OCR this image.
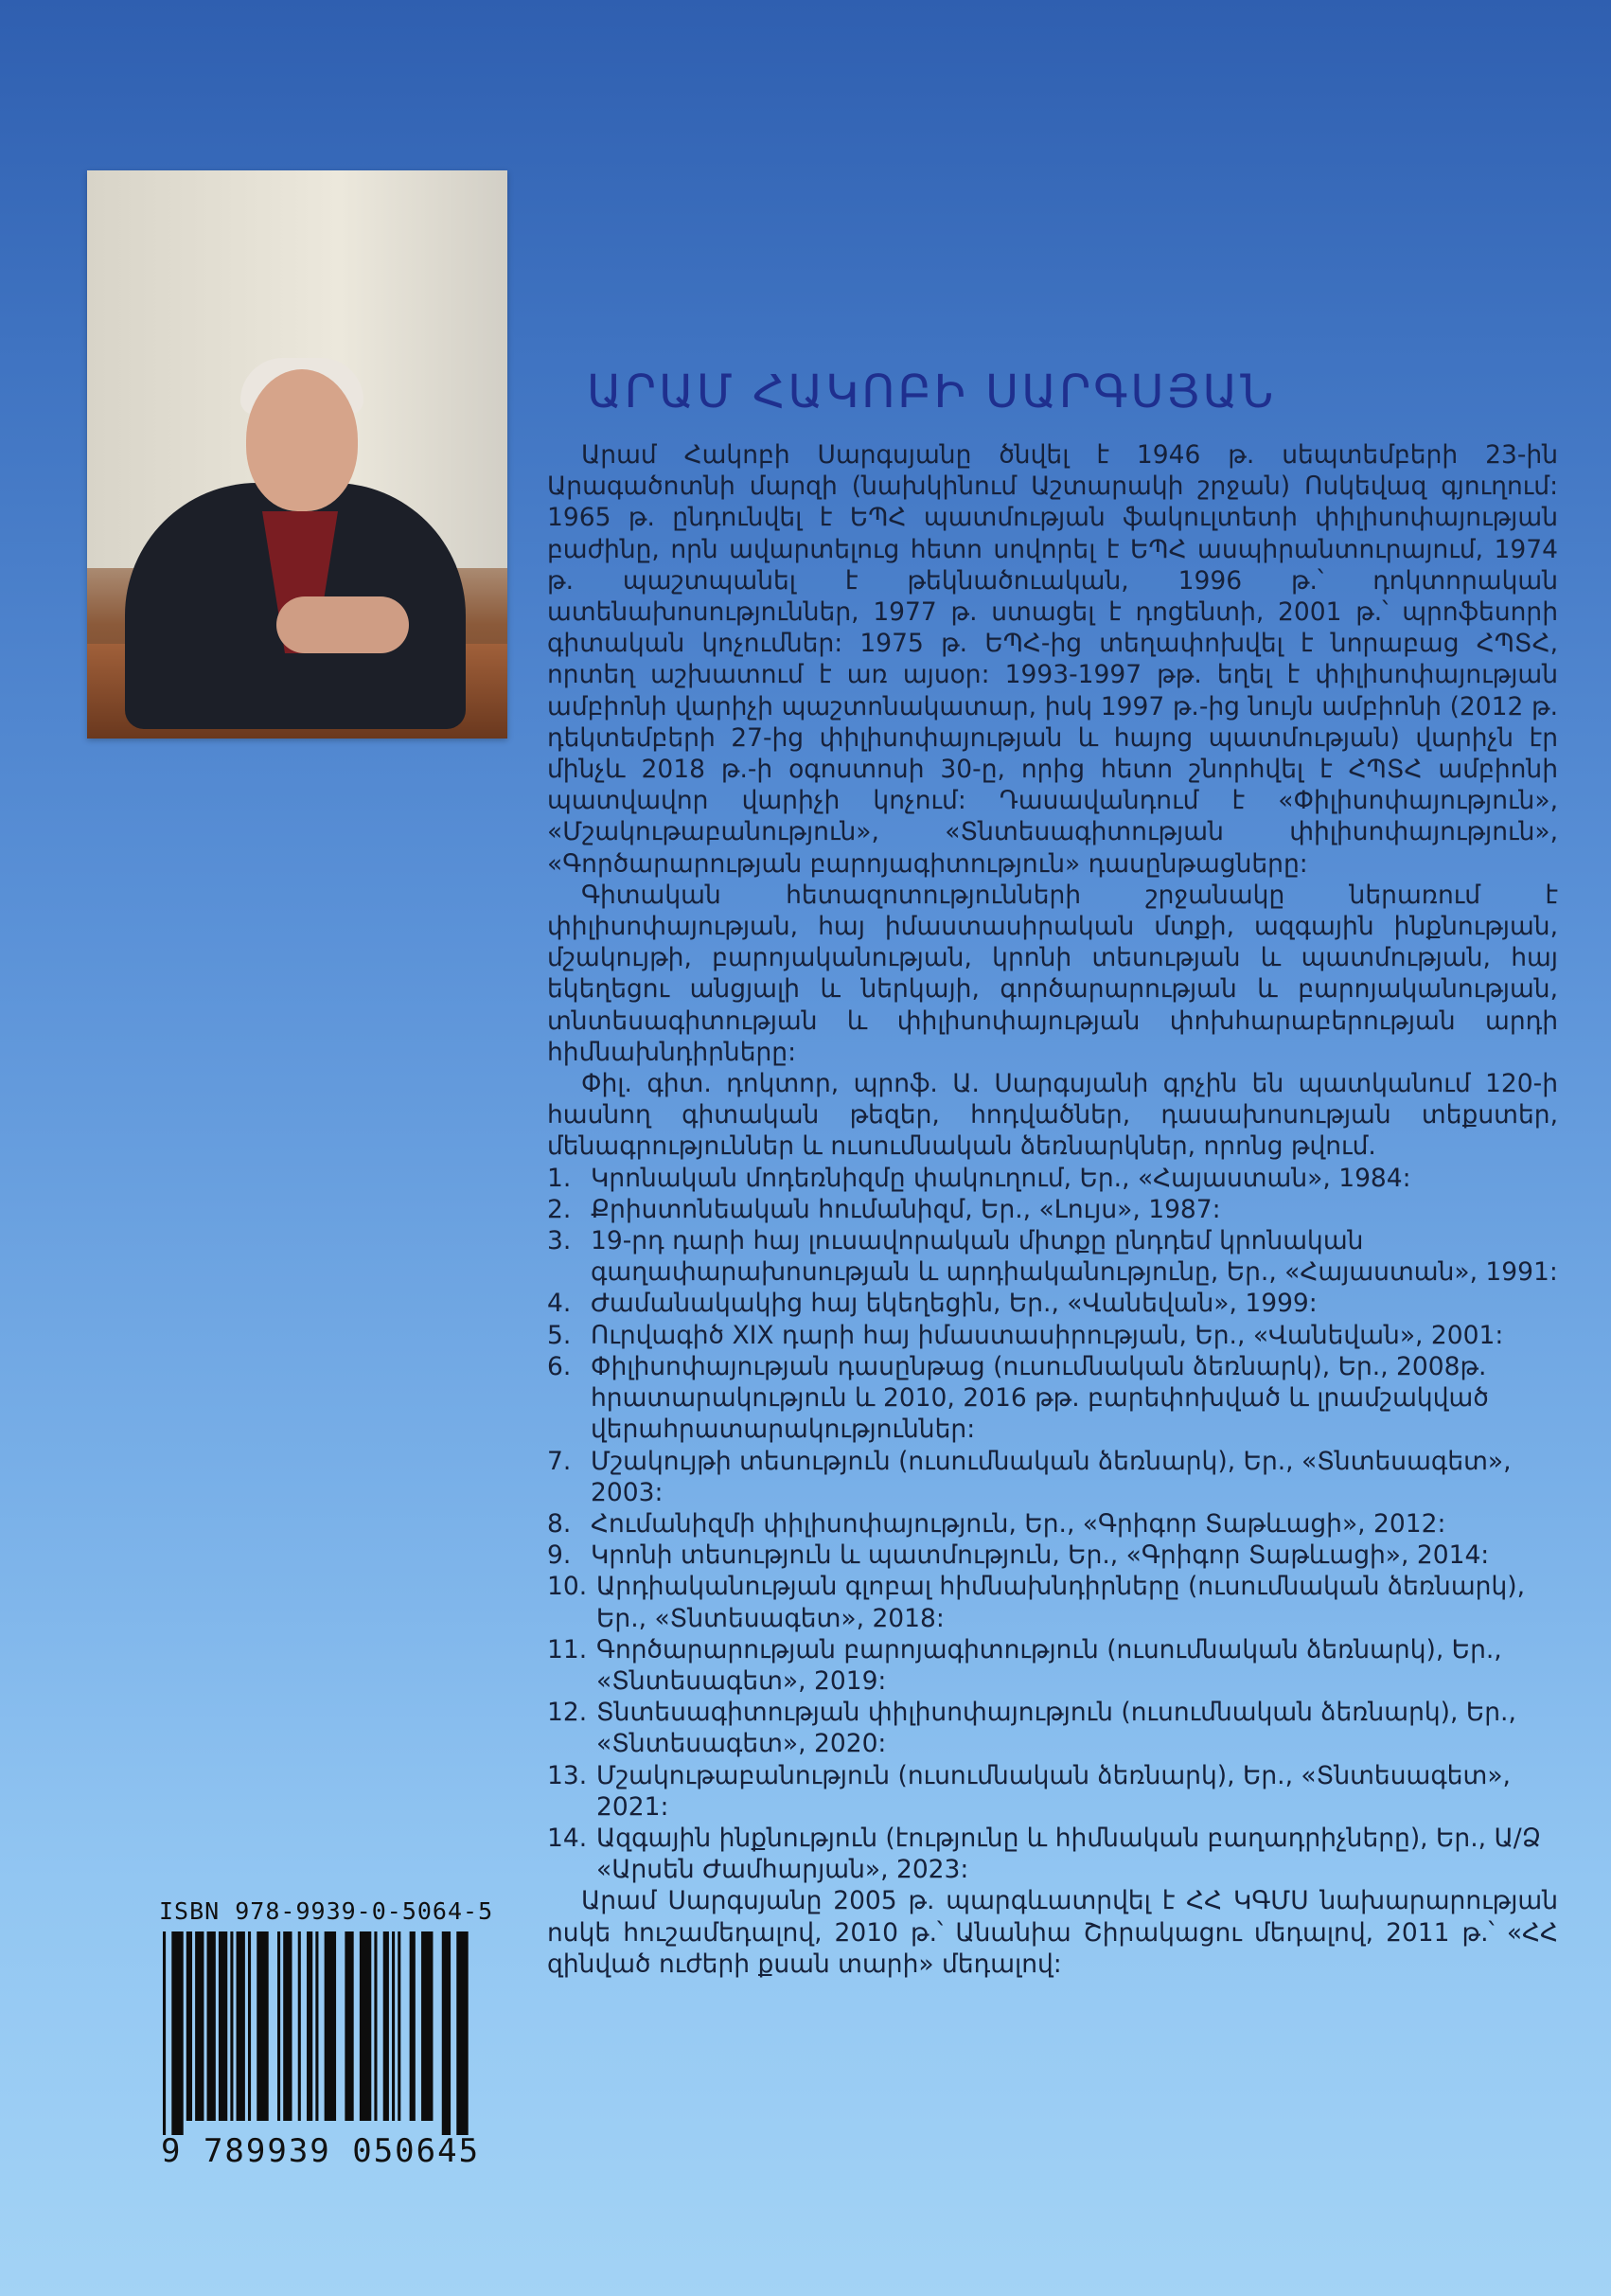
ԱՐԱՄ ՀԱԿՈԲԻ ՍԱՐԳՍՅԱՆ

Արամ Հակոբի Սարգսյանը ծնվել է 1946 թ. սեպտեմբերի 23-ին Արագածոտնի մարզի (նախկինում Աշտարակի շրջան) Ոսկեվազ գյուղում: 1965 թ. ընդունվել է ԵՊՀ պատմության ֆակուլտետի փիլիսոփայության բաժինը, որն ավարտելուց հետո սովորել է ԵՊՀ ասպիրանտուրայում, 1974 թ. պաշտպանել է թեկնածուական, 1996 թ.՝ դոկտորական ատենախոսություններ, 1977 թ. ստացել է դոցենտի, 2001 թ.՝ պրոֆեսորի գիտական կոչումներ: 1975 թ. ԵՊՀ-ից տեղափոխվել է նորաբաց ՀՊՏՀ, որտեղ աշխատում է առ այսօր: 1993-1997 թթ. եղել է փիլիսոփայության ամբիոնի վարիչի պաշտոնակատար, իսկ 1997 թ.-ից նույն ամբիոնի (2012 թ. դեկտեմբերի 27-ից փիլիսոփայության և հայոց պատմության) վարիչն էր մինչև 2018 թ.-ի օգոստոսի 30-ը, որից հետո շնորհվել է ՀՊՏՀ ամբիոնի պատվավոր վարիչի կոչում: Դասավանդում է «Փիլիսոփայություն», «Մշակութաբանություն», «Տնտեսագիտության փիլիսոփայություն», «Գործարարության բարոյագիտություն» դասընթացները:

Գիտական հետազոտությունների շրջանակը ներառում է փիլիսոփայության, հայ իմաստասիրական մտքի, ազգային ինքնության, մշակույթի, բարոյականության, կրոնի տեսության և պատմության, հայ եկեղեցու անցյալի և ներկայի, գործարարության և բարոյականության, տնտեսագիտության և փիլիսոփայության փոխհարաբերության արդի հիմնախնդիրները:

Փիլ. գիտ. դոկտոր, պրոֆ. Ա. Սարգսյանի գրչին են պատկանում 120-ի հասնող գիտական թեզեր, հոդվածներ, դասախոսության տեքստեր, մենագրություններ և ուսումնական ձեռնարկներ, որոնց թվում.

1. Կրոնական մոդեռնիզմը փակուղում, Եր., «Հայաստան», 1984:
2. Քրիստոնեական հումանիզմ, Եր., «Լույս», 1987:
3. 19-րդ դարի հայ լուսավորական միտքը ընդդեմ կրոնական գաղափարախոսության և արդիականությունը, Եր., «Հայաստան», 1991:
4. Ժամանակակից հայ եկեղեցին, Եր., «Վանեվան», 1999:
5. Ուրվագիծ XIX դարի հայ իմաստասիրության, Եր., «Վանեվան», 2001:
6. Փիլիսոփայության դասընթաց (ուսումնական ձեռնարկ), Եր., 2008թ. հրատարակություն և 2010, 2016 թթ. բարեփոխված և լրամշակված վերահրատարակություններ:
7. Մշակույթի տեսություն (ուսումնական ձեռնարկ), Եր., «Տնտեսագետ», 2003:
8. Հումանիզմի փիլիսոփայություն, Եր., «Գրիգոր Տաթևացի», 2012:
9. Կրոնի տեսություն և պատմություն, Եր., «Գրիգոր Տաթևացի», 2014:
10. Արդիականության գլոբալ հիմնախնդիրները (ուսումնական ձեռնարկ), Եր., «Տնտեսագետ», 2018:
11. Գործարարության բարոյագիտություն (ուսումնական ձեռնարկ), Եր., «Տնտեսագետ», 2019:
12. Տնտեսագիտության փիլիսոփայություն (ուսումնական ձեռնարկ), Եր., «Տնտեսագետ», 2020:
13. Մշակութաբանություն (ուսումնական ձեռնարկ), Եր., «Տնտեսագետ», 2021:
14. Ազգային ինքնություն (էությունը և հիմնական բաղադրիչները), Եր., Ա/Ձ «Արսեն Ժամհարյան», 2023:

Արամ Սարգսյանը 2005 թ. պարգևատրվել է ՀՀ ԿԳՄՍ նախարարության ոսկե հուշամեդալով, 2010 թ.՝ Անանիա Շիրակացու մեդալով, 2011 թ.՝ «ՀՀ զինված ուժերի քսան տարի» մեդալով:

ISBN 978-9939-0-5064-5
9 789939 050645
